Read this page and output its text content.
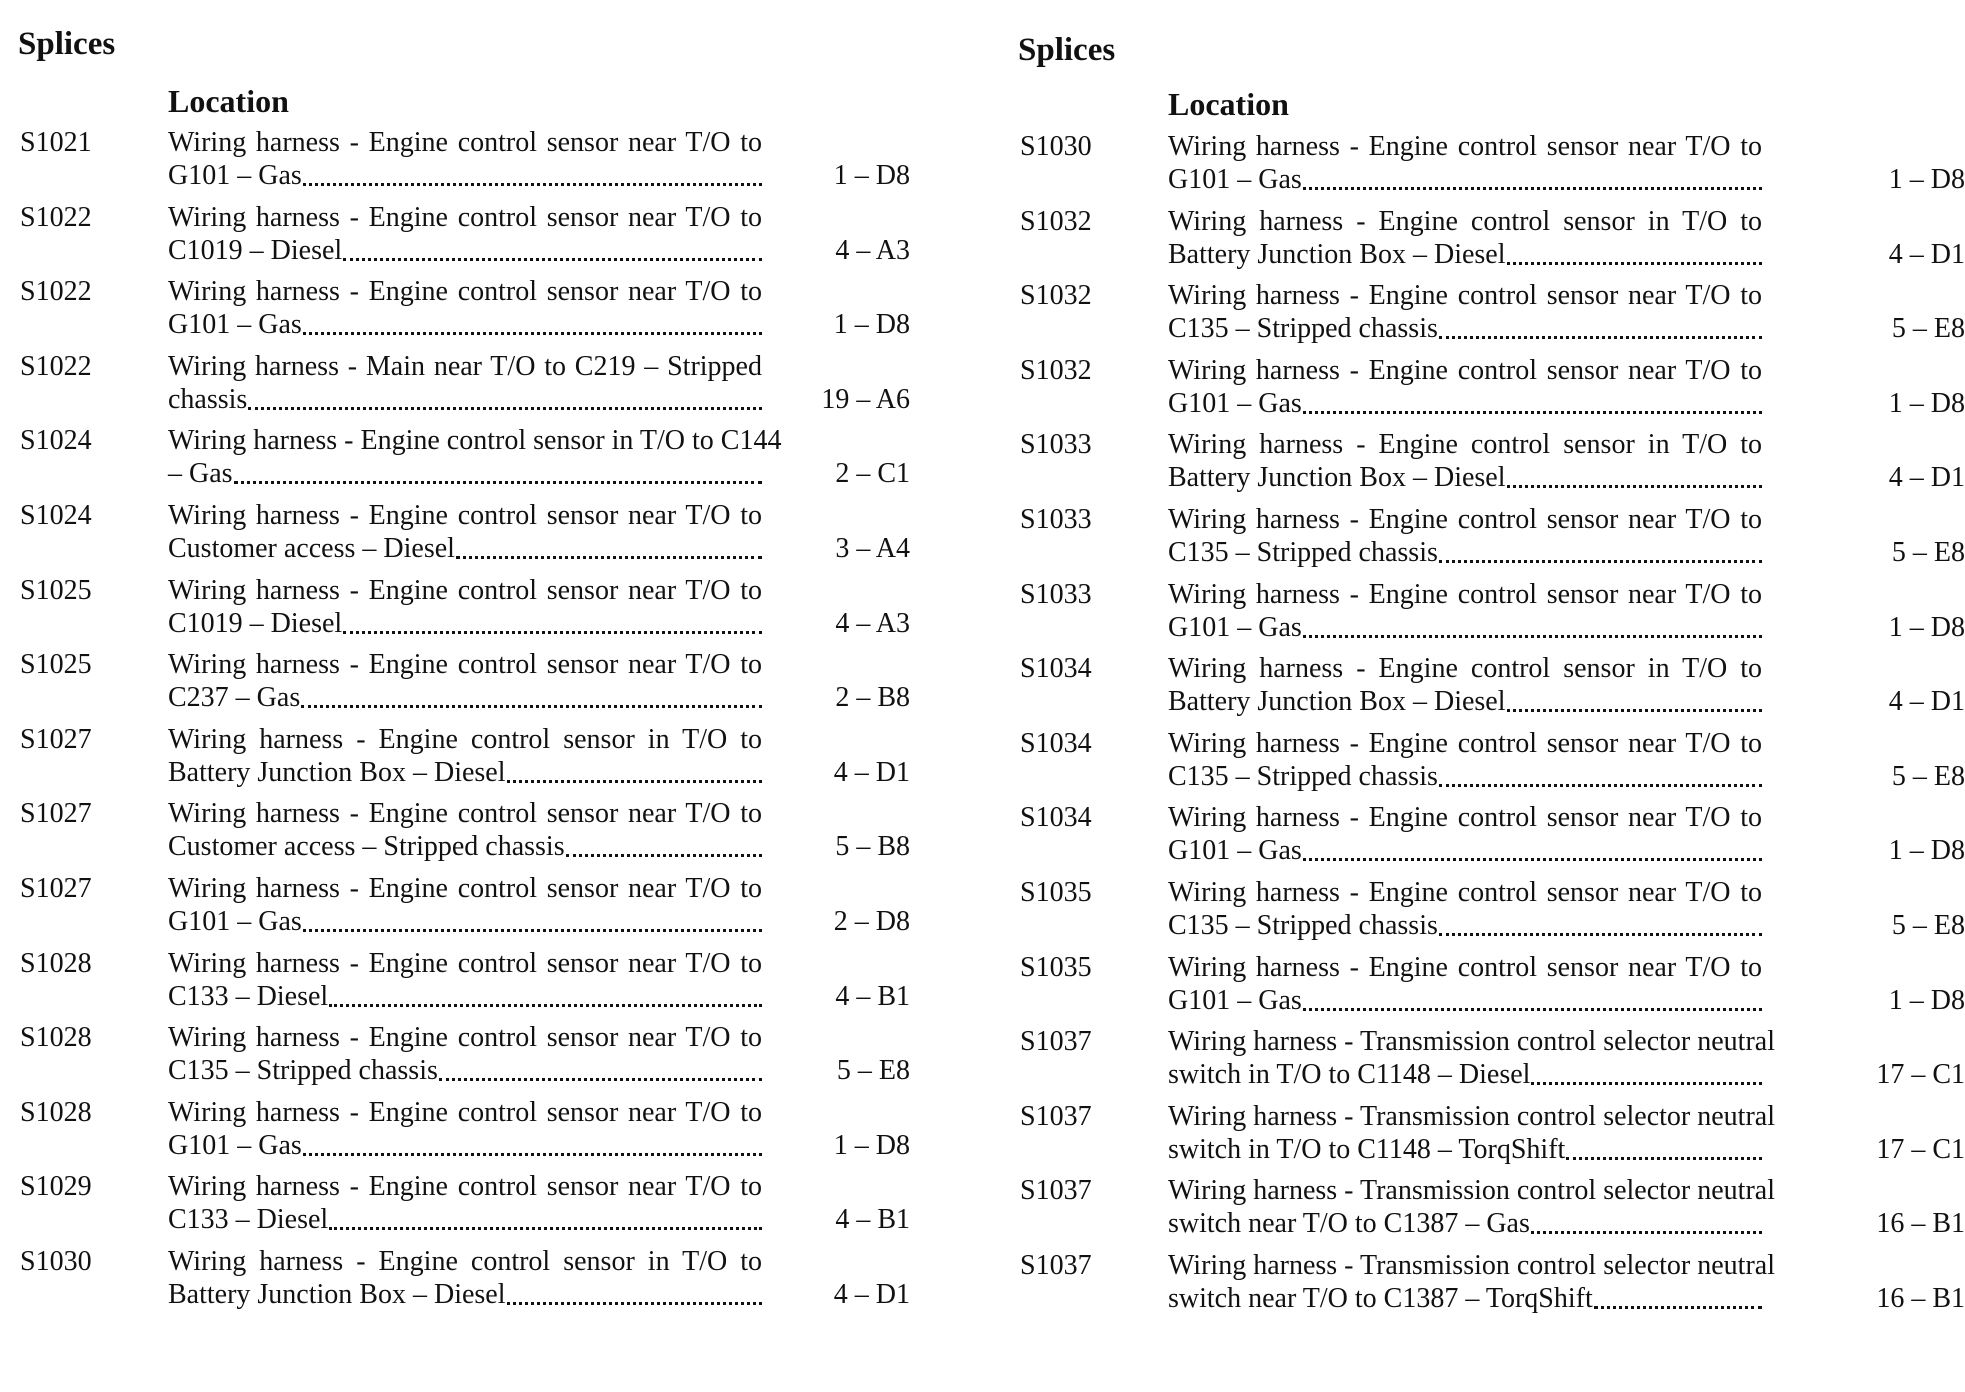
Splices
Location
S1021	Wiring harness - Engine control sensor near T/O to
G101 – Gas	1 – D8
S1022	Wiring harness - Engine control sensor near T/O to
C1019 – Diesel	4 – A3
S1022	Wiring harness - Engine control sensor near T/O to
G101 – Gas	1 – D8
S1022	Wiring harness - Main near T/O to C219 – Stripped
chassis	19 – A6
S1024	Wiring harness - Engine control sensor in T/O to C144
– Gas	2 – C1
S1024	Wiring harness - Engine control sensor near T/O to
Customer access – Diesel	3 – A4
S1025	Wiring harness - Engine control sensor near T/O to
C1019 – Diesel	4 – A3
S1025	Wiring harness - Engine control sensor near T/O to
C237 – Gas	2 – B8
S1027	Wiring harness - Engine control sensor in T/O to
Battery Junction Box – Diesel	4 – D1
S1027	Wiring harness - Engine control sensor near T/O to
Customer access – Stripped chassis	5 – B8
S1027	Wiring harness - Engine control sensor near T/O to
G101 – Gas	2 – D8
S1028	Wiring harness - Engine control sensor near T/O to
C133 – Diesel	4 – B1
S1028	Wiring harness - Engine control sensor near T/O to
C135 – Stripped chassis	5 – E8
S1028	Wiring harness - Engine control sensor near T/O to
G101 – Gas	1 – D8
S1029	Wiring harness - Engine control sensor near T/O to
C133 – Diesel	4 – B1
S1030	Wiring harness - Engine control sensor in T/O to
Battery Junction Box – Diesel	4 – D1
Splices
Location
S1030	Wiring harness - Engine control sensor near T/O to
G101 – Gas	1 – D8
S1032	Wiring harness - Engine control sensor in T/O to
Battery Junction Box – Diesel	4 – D1
S1032	Wiring harness - Engine control sensor near T/O to
C135 – Stripped chassis	5 – E8
S1032	Wiring harness - Engine control sensor near T/O to
G101 – Gas	1 – D8
S1033	Wiring harness - Engine control sensor in T/O to
Battery Junction Box – Diesel	4 – D1
S1033	Wiring harness - Engine control sensor near T/O to
C135 – Stripped chassis	5 – E8
S1033	Wiring harness - Engine control sensor near T/O to
G101 – Gas	1 – D8
S1034	Wiring harness - Engine control sensor in T/O to
Battery Junction Box – Diesel	4 – D1
S1034	Wiring harness - Engine control sensor near T/O to
C135 – Stripped chassis	5 – E8
S1034	Wiring harness - Engine control sensor near T/O to
G101 – Gas	1 – D8
S1035	Wiring harness - Engine control sensor near T/O to
C135 – Stripped chassis	5 – E8
S1035	Wiring harness - Engine control sensor near T/O to
G101 – Gas	1 – D8
S1037	Wiring harness - Transmission control selector neutral
switch in T/O to C1148 – Diesel	17 – C1
S1037	Wiring harness - Transmission control selector neutral
switch in T/O to C1148 – TorqShift	17 – C1
S1037	Wiring harness - Transmission control selector neutral
switch near T/O to C1387 – Gas	16 – B1
S1037	Wiring harness - Transmission control selector neutral
switch near T/O to C1387 – TorqShift	16 – B1
